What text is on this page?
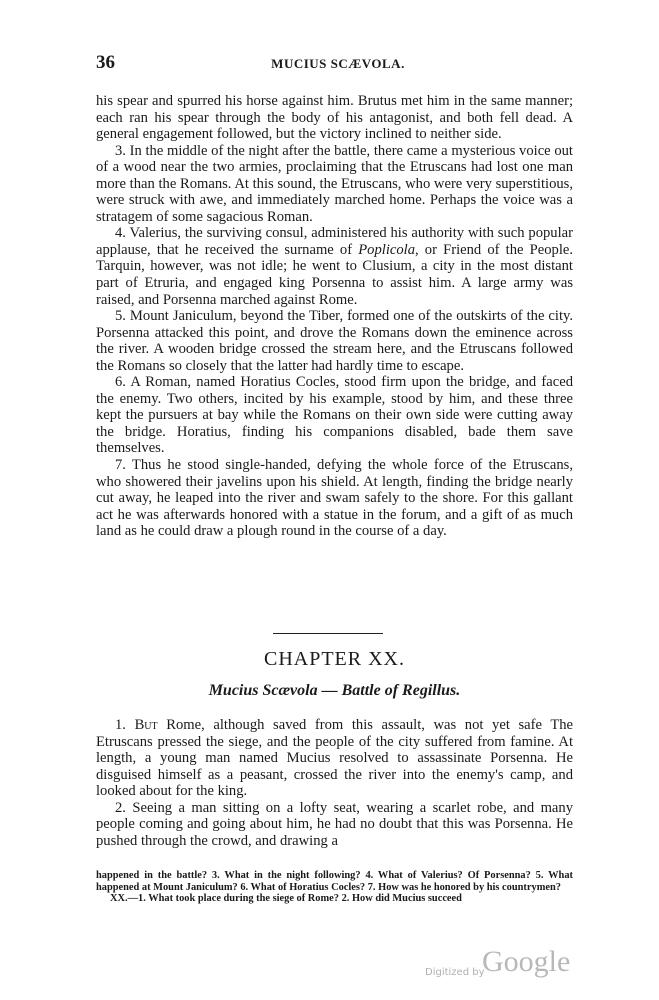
36	MUCIUS SCÆVOLA.

his spear and spurred his horse against him. Brutus met him in the same manner; each ran his spear through the body of his antagonist, and both fell dead. A general engagement followed, but the victory inclined to neither side.

3. In the middle of the night after the battle, there came a mysterious voice out of a wood near the two armies, proclaiming that the Etruscans had lost one man more than the Romans. At this sound, the Etruscans, who were very superstitious, were struck with awe, and immediately marched home. Perhaps the voice was a stratagem of some sagacious Roman.

4. Valerius, the surviving consul, administered his authority with such popular applause, that he received the surname of Poplicola, or Friend of the People. Tarquin, however, was not idle; he went to Clusium, a city in the most distant part of Etruria, and engaged king Porsenna to assist him. A large army was raised, and Porsenna marched against Rome.

5. Mount Janiculum, beyond the Tiber, formed one of the outskirts of the city. Porsenna attacked this point, and drove the Romans down the eminence across the river. A wooden bridge crossed the stream here, and the Etruscans followed the Romans so closely that the latter had hardly time to escape.

6. A Roman, named Horatius Cocles, stood firm upon the bridge, and faced the enemy. Two others, incited by his example, stood by him, and these three kept the pursuers at bay while the Romans on their own side were cutting away the bridge. Horatius, finding his companions disabled, bade them save themselves.

7. Thus he stood single-handed, defying the whole force of the Etruscans, who showered their javelins upon his shield. At length, finding the bridge nearly cut away, he leaped into the river and swam safely to the shore. For this gallant act he was afterwards honored with a statue in the forum, and a gift of as much land as he could draw a plough round in the course of a day.

CHAPTER XX.
Mucius Scævola — Battle of Regillus.

1. But Rome, although saved from this assault, was not yet safe The Etruscans pressed the siege, and the people of the city suffered from famine. At length, a young man named Mucius resolved to assassinate Porsenna. He disguised himself as a peasant, crossed the river into the enemy's camp, and looked about for the king.

2. Seeing a man sitting on a lofty seat, wearing a scarlet robe, and many people coming and going about him, he had no doubt that this was Porsenna. He pushed through the crowd, and drawing a

happened in the battle? 3. What in the night following? 4. What of Valerius? Of Porsenna? 5. What happened at Mount Janiculum? 6. What of Horatius Cocles? 7. How was he honored by his countrymen?

XX.—1. What took place during the siege of Rome? 2. How did Mucius succeed

Digitized by
Google
